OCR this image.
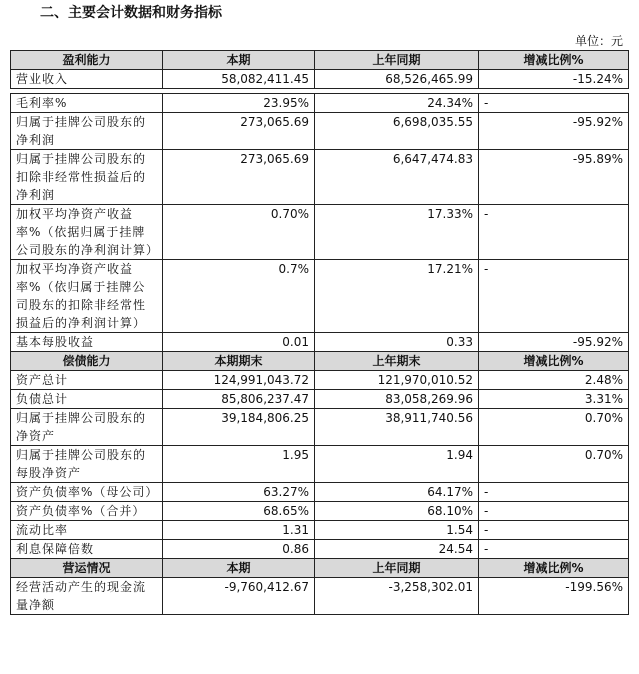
二、主要会计数据和财务指标
单位：元
盈利能力	本期	上年同期	增减比例%
营业收入	58,082,411.45	68,526,465.99	-15.24%

毛利率%	23.95%	24.34%	-
归属于挂牌公司股东的净利润	273,065.69	6,698,035.55	-95.92%
归属于挂牌公司股东的扣除非经常性损益后的净利润	273,065.69	6,647,474.83	-95.89%
加权平均净资产收益率%（依据归属于挂牌公司股东的净利润计算）	0.70%	17.33%	-
加权平均净资产收益率%（依归属于挂牌公司股东的扣除非经常性损益后的净利润计算）	0.7%	17.21%	-
基本每股收益	0.01	0.33	-95.92%
偿债能力	本期期末	上年期末	增减比例%
资产总计	124,991,043.72	121,970,010.52	2.48%
负债总计	85,806,237.47	83,058,269.96	3.31%
归属于挂牌公司股东的净资产	39,184,806.25	38,911,740.56	0.70%
归属于挂牌公司股东的每股净资产	1.95	1.94	0.70%
资产负债率%（母公司）	63.27%	64.17%	-
资产负债率%（合并）	68.65%	68.10%	-
流动比率	1.31	1.54	-
利息保障倍数	0.86	24.54	-
营运情况	本期	上年同期	增减比例%
经营活动产生的现金流量净额	-9,760,412.67	-3,258,302.01	-199.56%
